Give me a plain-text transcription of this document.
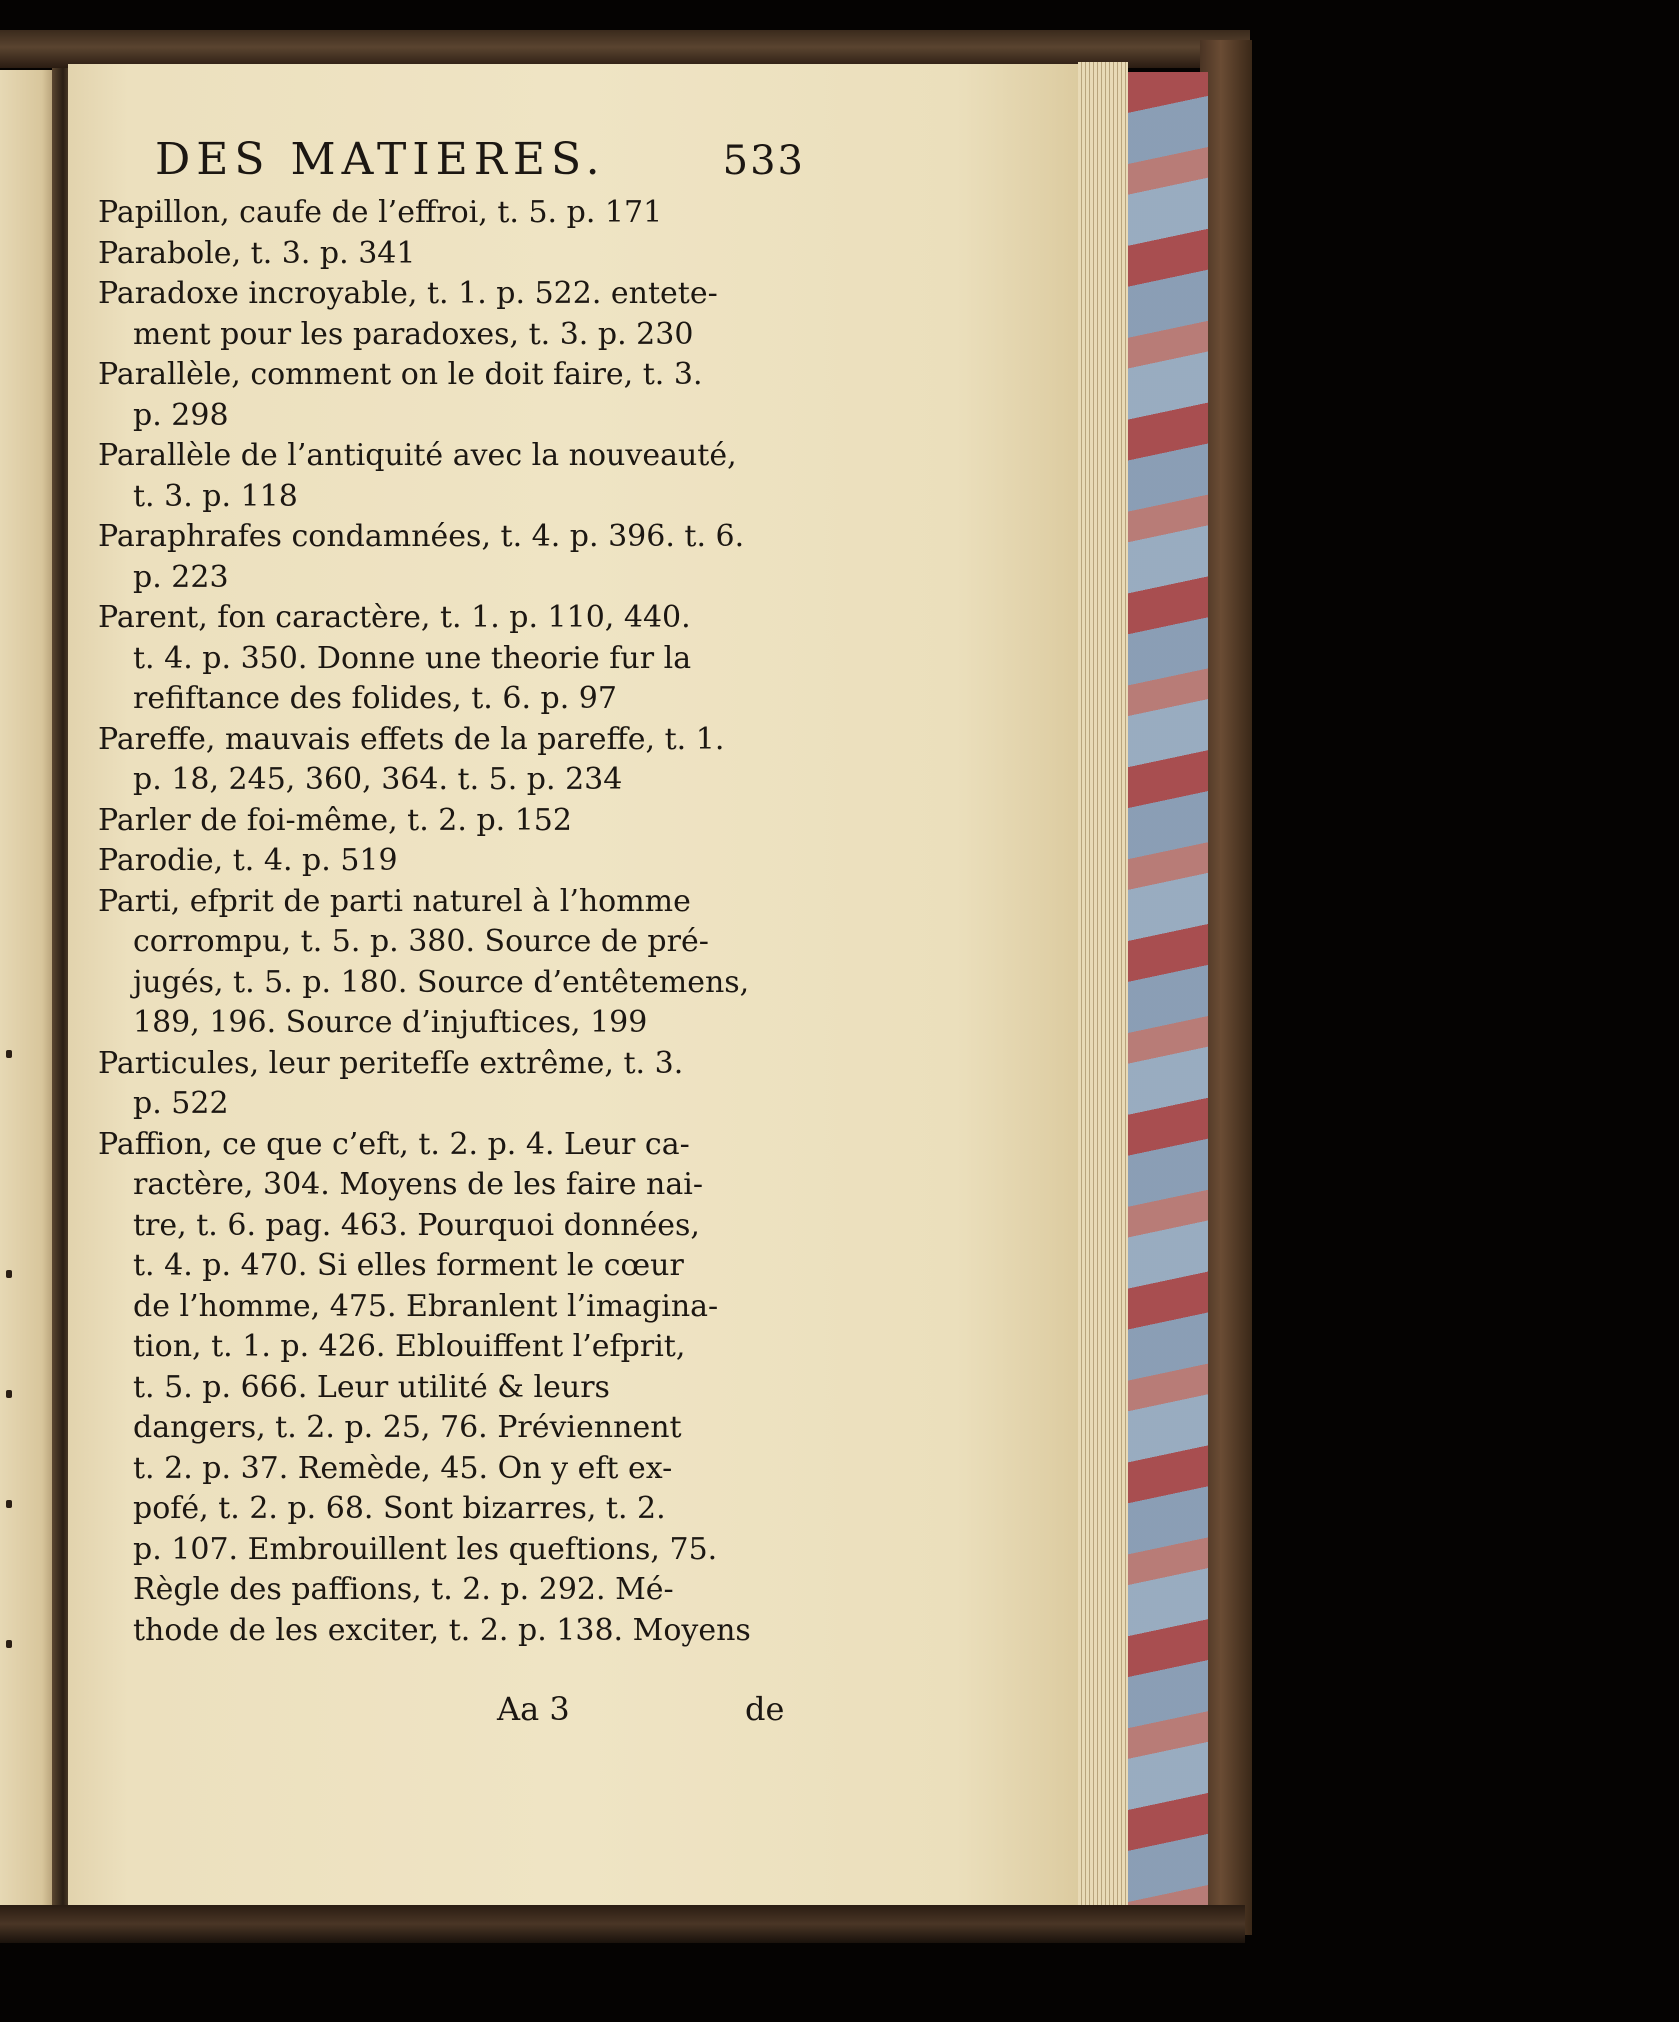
DES MATIERES.	533
Papillon, caufe de l’effroi, t. 5. p. 171
Parabole, t. 3. p. 341
Paradoxe incroyable, t. 1. p. 522. entete-
ment pour les paradoxes, t. 3. p. 230
Parallèle, comment on le doit faire, t. 3.
p. 298
Parallèle de l’antiquité avec la nouveauté,
t. 3. p. 118
Paraphrafes condamnées, t. 4. p. 396. t. 6.
p. 223
Parent, fon caractère, t. 1. p. 110, 440.
t. 4. p. 350. Donne une theorie fur la
refiftance des folides, t. 6. p. 97
Pareffe, mauvais effets de la pareffe, t. 1.
p. 18, 245, 360, 364. t. 5. p. 234
Parler de foi-même, t. 2. p. 152
Parodie, t. 4. p. 519
Parti, efprit de parti naturel à l’homme
corrompu, t. 5. p. 380. Source de pré-
jugés, t. 5. p. 180. Source d’entêtemens,
189, 196. Source d’injuftices, 199
Particules, leur peritefſe extrême, t. 3.
p. 522
Paffion, ce que c’eft, t. 2. p. 4. Leur ca-
ractère, 304. Moyens de les faire nai-
tre, t. 6. pag. 463. Pourquoi données,
t. 4. p. 470. Si elles forment le cœur
de l’homme, 475. Ebranlent l’imagina-
tion, t. 1. p. 426. Eblouiffent l’efprit,
t. 5. p. 666. Leur utilité & leurs
dangers, t. 2. p. 25, 76. Préviennent
t. 2. p. 37. Remède, 45. On y eft ex-
pofé, t. 2. p. 68. Sont bizarres, t. 2.
p. 107. Embrouillent les queftions, 75.
Règle des paffions, t. 2. p. 292. Mé-
thode de les exciter, t. 2. p. 138. Moyens
Aa 3	de
